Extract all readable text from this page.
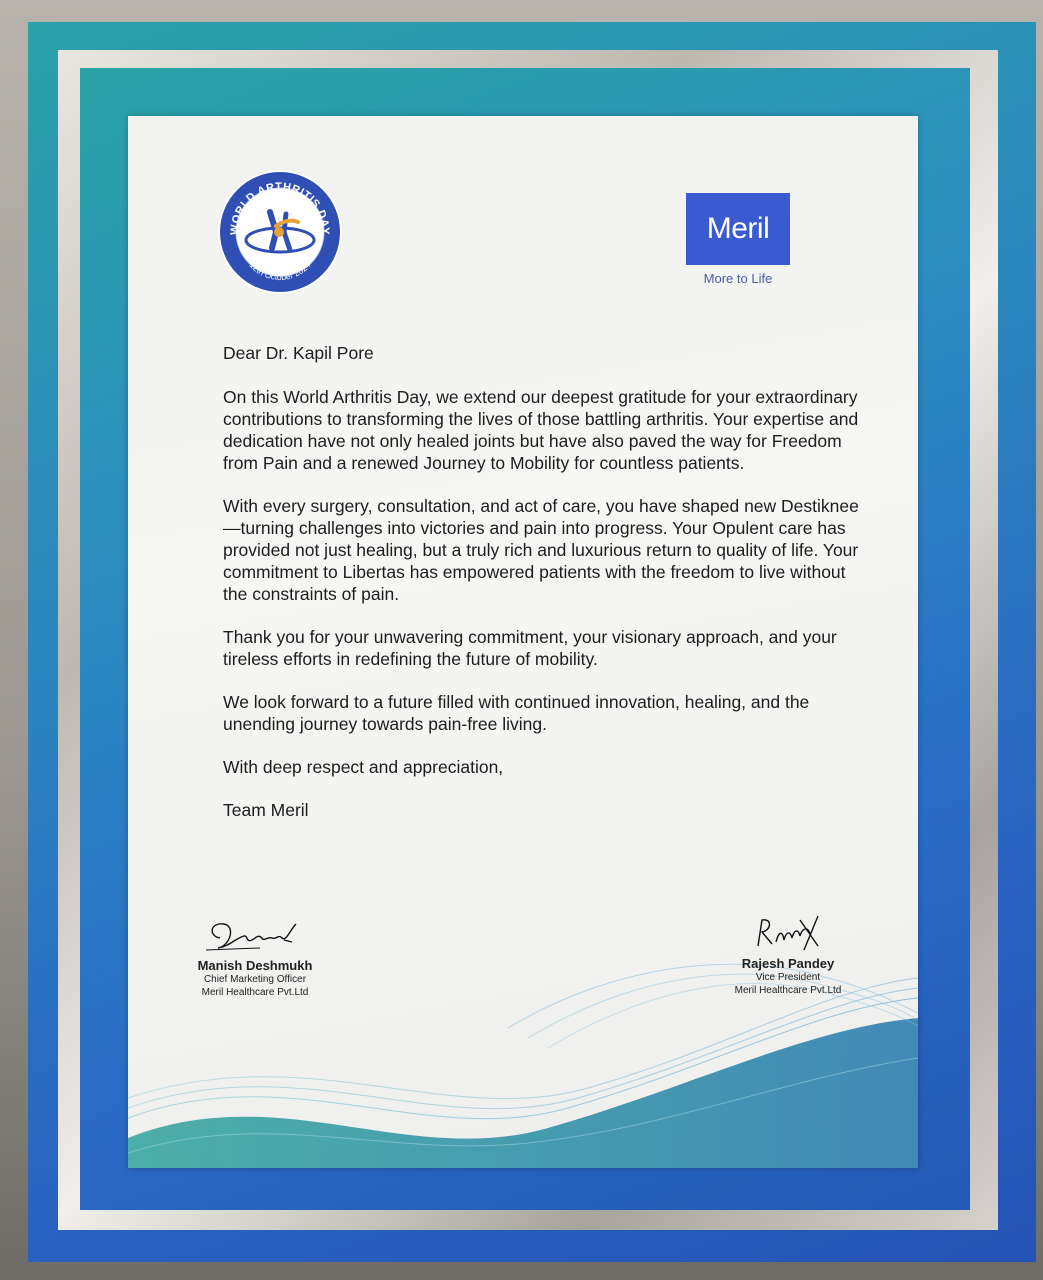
WORLD ARTHRITIS DAY
12th October 2024
Meril
More to Life

Dear Dr. Kapil Pore

On this World Arthritis Day, we extend our deepest gratitude for your extraordinary contributions to transforming the lives of those battling arthritis. Your expertise and dedication have not only healed joints but have also paved the way for Freedom from Pain and a renewed Journey to Mobility for countless patients.

With every surgery, consultation, and act of care, you have shaped new Destiknee —turning challenges into victories and pain into progress. Your Opulent care has provided not just healing, but a truly rich and luxurious return to quality of life. Your commitment to Libertas has empowered patients with the freedom to live without the constraints of pain.

Thank you for your unwavering commitment, your visionary approach, and your tireless efforts in redefining the future of mobility.

We look forward to a future filled with continued innovation, healing, and the unending journey towards pain-free living.

With deep respect and appreciation,

Team Meril

Manish Deshmukh
Chief Marketing Officer
Meril Healthcare Pvt.Ltd
Rajesh Pandey
Vice President
Meril Healthcare Pvt.Ltd
